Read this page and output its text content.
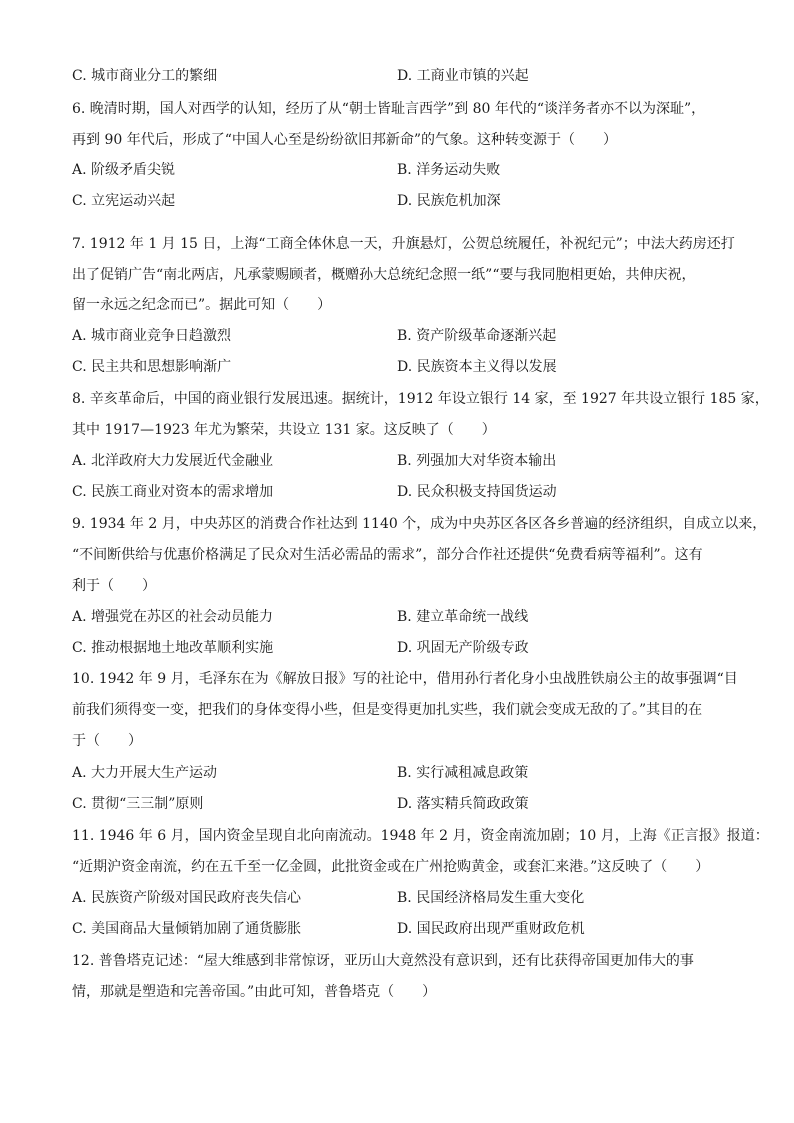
C. 城市商业分工的繁细	D. 工商业市镇的兴起
6. 晚清时期，国人对西学的认知，经历了从“朝士皆耻言西学”到 80 年代的“谈洋务者亦不以为深耻”，
再到 90 年代后，形成了“中国人心至是纷纷欲旧邦新命”的气象。这种转变源于（　　）
A. 阶级矛盾尖锐	B. 洋务运动失败
C. 立宪运动兴起	D. 民族危机加深
7. 1912 年 1 月 15 日，上海“工商全体休息一天，升旗悬灯，公贺总统履任，补祝纪元”；中法大药房还打
出了促销广告“南北两店，凡承蒙赐顾者，概赠孙大总统纪念照一纸”“要与我同胞相更始，共伸庆祝，
留一永远之纪念而已”。据此可知（　　）
A. 城市商业竞争日趋激烈	B. 资产阶级革命逐渐兴起
C. 民主共和思想影响渐广	D. 民族资本主义得以发展
8. 辛亥革命后，中国的商业银行发展迅速。据统计，1912 年设立银行 14 家，至 1927 年共设立银行 185 家，
其中 1917—1923 年尤为繁荣，共设立 131 家。这反映了（　　）
A. 北洋政府大力发展近代金融业	B. 列强加大对华资本输出
C. 民族工商业对资本的需求增加	D. 民众积极支持国货运动
9. 1934 年 2 月，中央苏区的消费合作社达到 1140 个，成为中央苏区各区各乡普遍的经济组织，自成立以来，
“不间断供给与优惠价格满足了民众对生活必需品的需求”，部分合作社还提供“免费看病等福利”。这有
利于（　　）
A. 增强党在苏区的社会动员能力	B. 建立革命统一战线
C. 推动根据地土地改革顺利实施	D. 巩固无产阶级专政
10. 1942 年 9 月，毛泽东在为《解放日报》写的社论中，借用孙行者化身小虫战胜铁扇公主的故事强调“目
前我们须得变一变，把我们的身体变得小些，但是变得更加扎实些，我们就会变成无敌的了。”其目的在
于（　　）
A. 大力开展大生产运动	B. 实行减租减息政策
C. 贯彻“三三制”原则	D. 落实精兵简政政策
11. 1946 年 6 月，国内资金呈现自北向南流动。1948 年 2 月，资金南流加剧；10 月，上海《正言报》报道：
“近期沪资金南流，约在五千至一亿金圆，此批资金或在广州抢购黄金，或套汇来港。”这反映了（　　）
A. 民族资产阶级对国民政府丧失信心	B. 民国经济格局发生重大变化
C. 美国商品大量倾销加剧了通货膨胀	D. 国民政府出现严重财政危机
12. 普鲁塔克记述：“屋大维感到非常惊讶，亚历山大竟然没有意识到，还有比获得帝国更加伟大的事
情，那就是塑造和完善帝国。”由此可知，普鲁塔克（　　）
